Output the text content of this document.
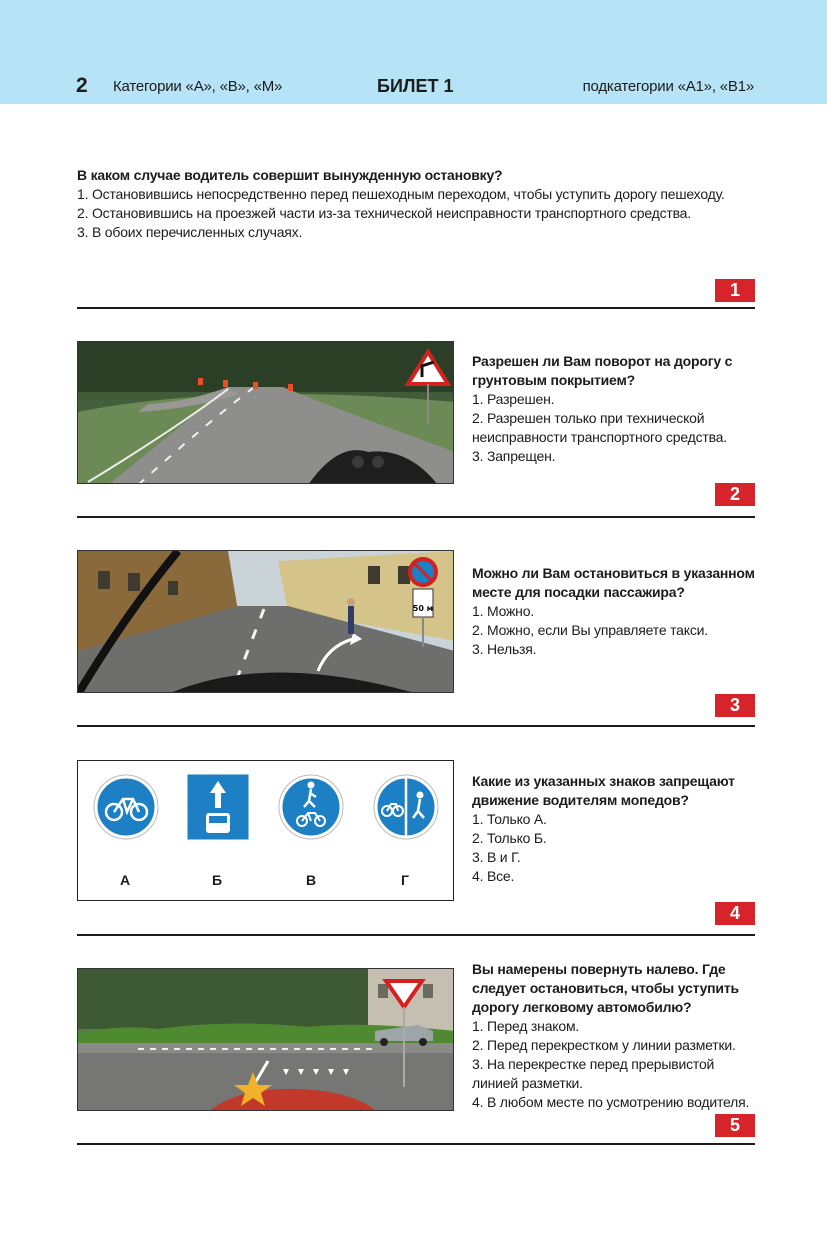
2 Категории «А», «В», «М»	БИЛЕТ 1	подкатегории «А1», «В1»
В каком случае водитель совершит вынужденную остановку?
1. Остановившись непосредственно перед пешеходным переходом, чтобы уступить дорогу пешеходу.
2. Остановившись на проезжей части из-за технической неисправности транспортного средства.
3. В обоих перечисленных случаях.
1
Разрешен ли Вам поворот на дорогу с грунтовым покрытием?
1. Разрешен.
2. Разрешен только при технической неисправности транспортного средства.
3. Запрещен.
2
50 м
Можно ли Вам остановиться в указанном месте для посадки пассажира?
1. Можно.
2. Можно, если Вы управляете такси.
3. Нельзя.
3
А	Б	В	Г
Какие из указанных знаков запрещают движение водителям мопедов?
1. Только А.
2. Только Б.
3. В и Г.
4. Все.
4
Вы намерены повернуть налево. Где следует остановиться, чтобы уступить дорогу легковому автомобилю?
1. Перед знаком.
2. Перед перекрестком у линии разметки.
3. На перекрестке перед прерывистой линией разметки.
4. В любом месте по усмотрению водителя.
5
